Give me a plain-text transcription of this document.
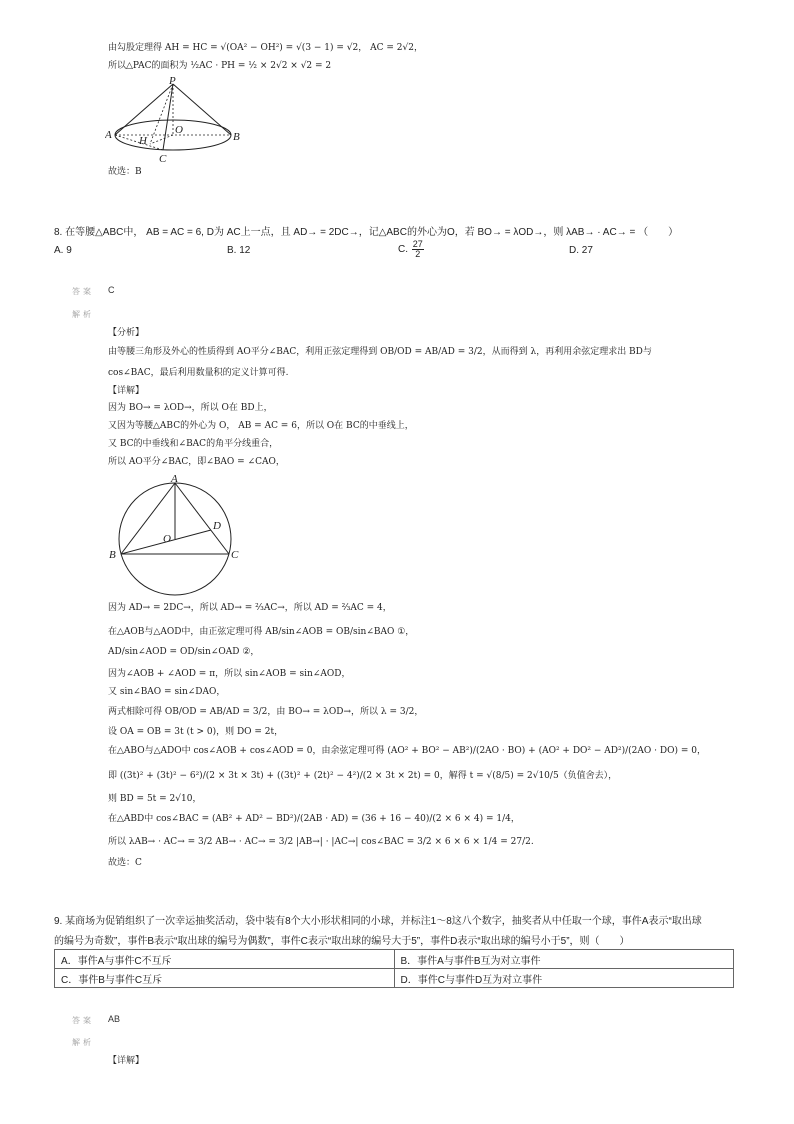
由勾股定理得 AH = HC = √(OA² − OH²) = √(3 − 1) = √2， AC = 2√2，
所以△PAC的面积为 ½AC · PH = ½ × 2√2 × √2 = 2
P
A	B
C
O
H
故选：B
8. 在等腰△ABC中， AB = AC = 6, D为 AC上一点，且 AD→ = 2DC→，记△ABC的外心为O，若 BO→ = λOD→，则 λAB→ · AC→ = （　　）
A. 9	B. 12	C. $\frac{27}{2}$	D. 27
答案 C
解析
【分析】
由等腰三角形及外心的性质得到 AO平分∠BAC，利用正弦定理得到 OB/OD = AB/AD = 3/2，从而得到 λ，再利用余弦定理求出 BD与
cos∠BAC，最后利用数量积的定义计算可得.
【详解】
因为 BO→ = λOD→，所以 O在 BD上，
又因为等腰△ABC的外心为 O， AB = AC = 6，所以 O在 BC的中垂线上，
又 BC的中垂线和∠BAC的角平分线重合，
所以 AO平分∠BAC，即∠BAO = ∠CAO，
A
B	C
D
O
因为 AD→ = 2DC→，所以 AD→ = ⅔AC→，所以 AD = ⅔AC = 4，
在△AOB与△AOD中，由正弦定理可得 AB/sin∠AOB = OB/sin∠BAO ①，
AD/sin∠AOD = OD/sin∠OAD ②，
因为∠AOB + ∠AOD = π，所以 sin∠AOB = sin∠AOD，
又 sin∠BAO = sin∠DAO，
两式相除可得 OB/OD = AB/AD = 3/2，由 BO→ = λOD→，所以 λ = 3/2，
设 OA = OB = 3t (t > 0)，则 DO = 2t，
在△ABO与△ADO中 cos∠AOB + cos∠AOD = 0，由余弦定理可得 (AO² + BO² − AB²)/(2AO · BO) + (AO² + DO² − AD²)/(2AO · DO) = 0，
即 ((3t)² + (3t)² − 6²)/(2 × 3t × 3t) + ((3t)² + (2t)² − 4²)/(2 × 3t × 2t) = 0，解得 t = √(8/5) = 2√10/5（负值舍去），
则 BD = 5t = 2√10，
在△ABD中 cos∠BAC = (AB² + AD² − BD²)/(2AB · AD) = (36 + 16 − 40)/(2 × 6 × 4) = 1/4，
所以 λAB→ · AC→ = 3/2 AB→ · AC→ = 3/2 |AB→| · |AC→| cos∠BAC = 3/2 × 6 × 6 × 1/4 = 27/2.
故选：C
9. 某商场为促销组织了一次幸运抽奖活动，袋中装有8个大小形状相同的小球，并标注1～8这八个数字，抽奖者从中任取一个球，事件A表示“取出球
的编号为奇数”，事件B表示“取出球的编号为偶数”，事件C表示“取出球的编号大于5”，事件D表示“取出球的编号小于5”，则（　　）
A．事件A与事件C不互斥	B．事件A与事件B互为对立事件
C．事件B与事件C互斥	D．事件C与事件D互为对立事件
答案 AB
解析
【详解】
